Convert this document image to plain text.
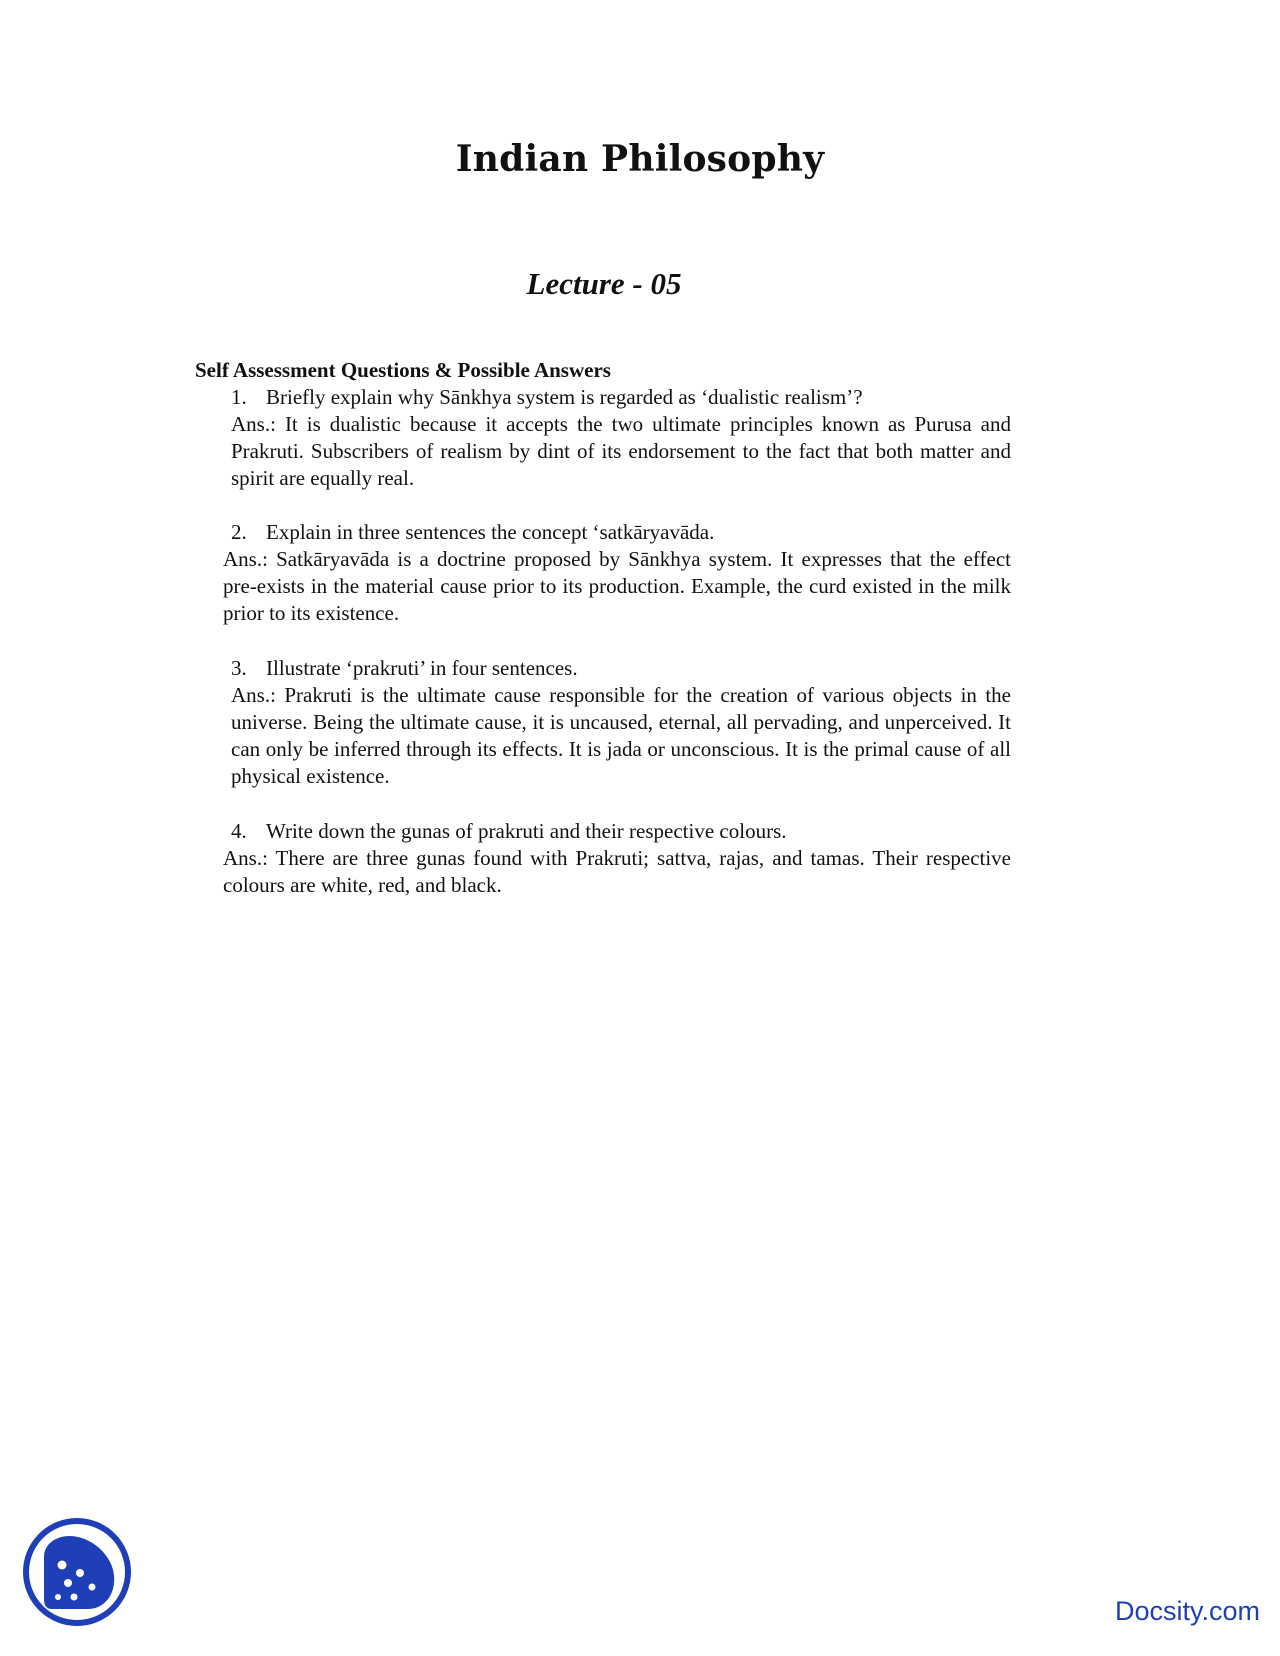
Indian Philosophy
Lecture - 05
Self Assessment Questions & Possible Answers

1. Briefly explain why Sānkhya system is regarded as ‘dualistic realism’?

Ans.: It is dualistic because it accepts the two ultimate principles known as Purusa and Prakruti. Subscribers of realism by dint of its endorsement to the fact that both matter and spirit are equally real.

2. Explain in three sentences the concept ‘satkāryavāda.

Ans.: Satkāryavāda is a doctrine proposed by Sānkhya system. It expresses that the effect pre-exists in the material cause prior to its production. Example, the curd existed in the milk prior to its existence.

3. Illustrate ‘prakruti’ in four sentences.

Ans.: Prakruti is the ultimate cause responsible for the creation of various objects in the universe. Being the ultimate cause, it is uncaused, eternal, all pervading, and unperceived. It can only be inferred through its effects. It is jada or unconscious. It is the primal cause of all physical existence.

4. Write down the gunas of prakruti and their respective colours.

Ans.: There are three gunas found with Prakruti; sattva, rajas, and tamas. Their respective colours are white, red, and black.

Docsity.com
